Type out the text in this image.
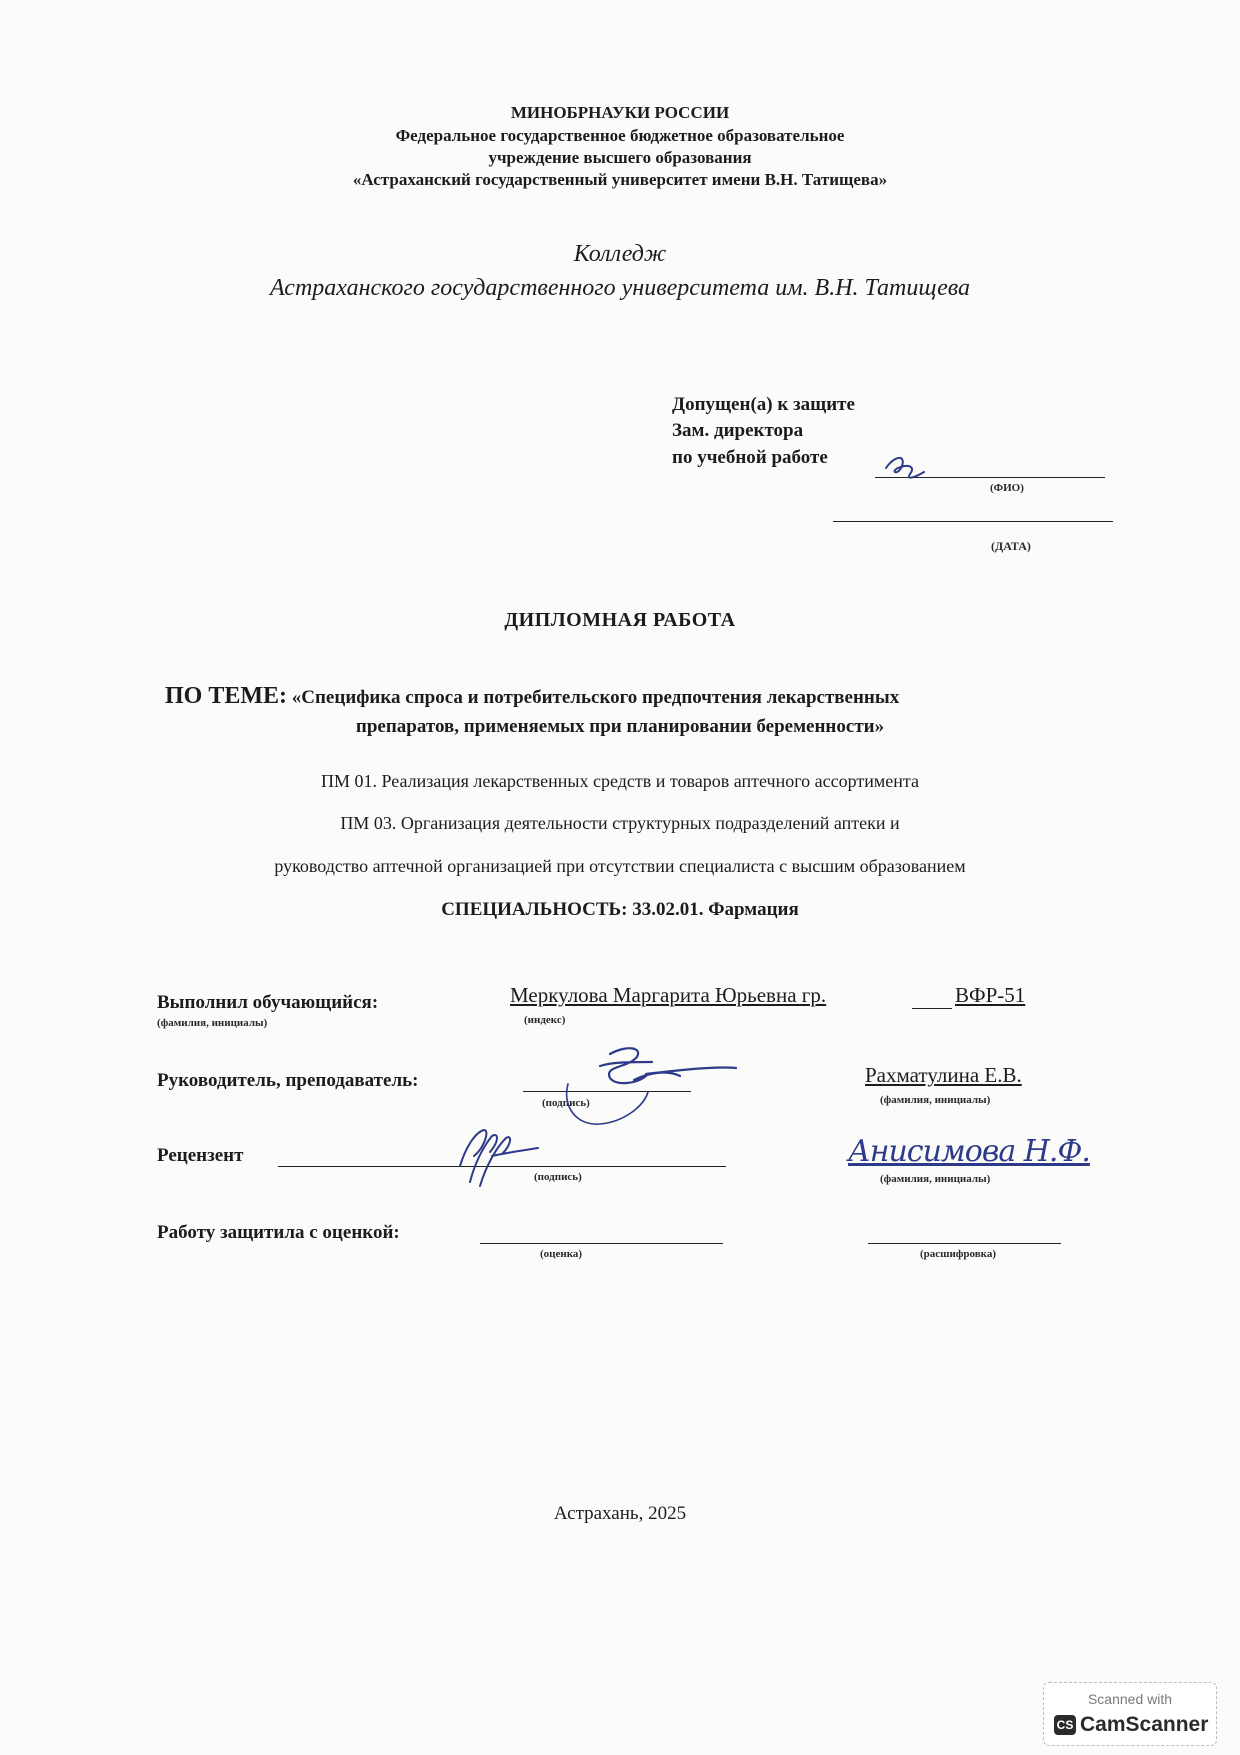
МИНОБРНАУКИ РОССИИ
Федеральное государственное бюджетное образовательное
учреждение высшего образования
«Астраханский государственный университет имени В.Н. Татищева»
Колледж
Астраханского государственного университета им. В.Н. Татищева
Допущен(а) к защите
Зам. директора
по учебной работе
(ФИО)
(ДАТА)
ДИПЛОМНАЯ РАБОТА
ПО ТЕМЕ: «Специфика спроса и потребительского предпочтения лекарственных
препаратов, применяемых при планировании беременности»
ПМ 01. Реализация лекарственных средств и товаров аптечного ассортимента
ПМ 03. Организация деятельности структурных подразделений аптеки и
руководство аптечной организацией при отсутствии специалиста с высшим образованием
СПЕЦИАЛЬНОСТЬ: 33.02.01. Фармация
Выполнил обучающийся:
(фамилия, инициалы)
Меркулова Маргарита Юрьевна гр.	ВФР-51
(индекс)
Руководитель, преподаватель:
(подпись)
Рахматулина Е.В.
(фамилия, инициалы)
Рецензент
(подпись)
Анисимова Н.Ф.
(фамилия, инициалы)
Работу защитила с оценкой:
(оценка)	(расшифровка)
Астрахань, 2025
Scanned with
CS CamScanner
